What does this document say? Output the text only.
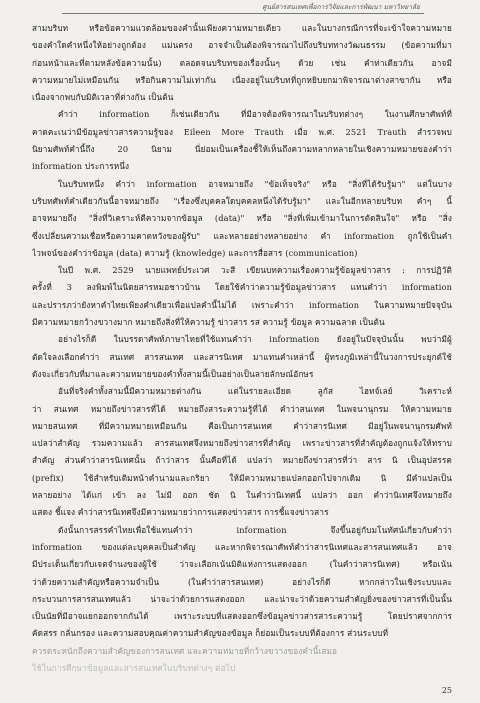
ศูนย์สารสนเทศเพื่อการวิจัยและการพัฒนา มหาวิทยาลัย
สามบริบท หรือข้อความแวดล้อมของคำนั้นเพียงความหมายเดียว และในบางกรณีการที่จะเข้าใจความหมาย
ของคำใดคำหนึ่งให้อย่างถูกต้อง แม่นตรง อาจจำเป็นต้องพิจารณาไปถึงบริบททางวัฒนธรรม (ข้อความที่มา
ก่อนหน้าและที่ตามหลังข้อความนั้น) ตลอดจนบริบทของเรื่องนั้นๆ ด้วย เช่น คำท่าเดียวกัน อาจมี
ความหมายไม่เหมือนกัน หรือกินความไม่เท่ากัน เนื่องอยู่ในบริบทที่ถูกหยิบยกมาพิจารณาต่างสาขากัน หรือ
เนื่องจากพบกับมิติเวลาที่ต่างกัน เป็นต้น
คำว่า information ก็เช่นเดียวกัน ที่มีอาจต้องพิจารณาในบริบทต่างๆ ในงานศึกษาศัพท์ที่
คาดคะเนว่ามีข้อมูลข่าวสารความรู้ของ Eileen More Trauth เมื่อ พ.ศ. 2521 Trauth สำรวจพบ
นิยามศัพท์คำนี้ถึง 20 นิยาม นี่ย่อมเป็นเครื่องชี้ให้เห็นถึงความหลากหลายในเชิงความหมายของคำว่า
information ประการหนึ่ง
ในบริบทหนึ่ง คำว่า information อาจหมายถึง "ข้อเท็จจริง" หรือ "สิ่งที่ได้รับรู้มา" แต่ในบาง
บริบทศัพท์คำเดียวกันนี้อาจหมายถึง "เรื่องซึ่งบุคคลใดบุคคลหนึ่งได้รับรู้มา" และในอีกหลายบริบท คำๆ นี้
อาจหมายถึง "สิ่งที่วิเคราะห์ตีความจากข้อมูล (data)" หรือ "สิ่งที่เพิ่มเข้ามาในการตัดสินใจ" หรือ "สิ่ง
ซึ่งเปลี่ยนความเชื่อหรือความคาดหวังของผู้รับ" และหลายอย่างหลายอย่าง คำ information ถูกใช้เป็นคำ
ไวพจน์ของคำว่าข้อมูล (data) ความรู้ (knowledge) และการสื่อสาร (communication)
ในปี พ.ศ. 2529 นายแพทย์ประเวศ วะสี เขียนบทความเรื่องความรู้ข้อมูลข่าวสาร : การปฏิวัติ
ครั้งที่ 3 ลงพิมพ์ในนิตยสารหมอชาวบ้าน โดยใช้คำว่าความรู้ข้อมูลข่าวสาร แทนคำว่า information
และปรารภว่ายังหาคำไทยเพียงคำเดียวเพื่อแปลคำนี้ไม่ได้ เพราะคำว่า information ในความหมายปัจจุบัน
มีความหมายกว้างขวางมาก หมายถึงสิ่งที่ให้ความรู้ ข่าวสาร รส ความรู้ ข้อมูล ความฉลาด เป็นต้น
อย่างไรก็ดี ในบรรดาศัพท์ภาษาไทยที่ใช้แทนคำว่า information ยังอยู่ในปัจจุบันนั้น พบว่ามีผู้
ตัดใจลงเลือกคำว่า สนเทศ สารสนเทศ และสารนิเทศ มาแทนคำเหล่านี้ ผู้ทรงภูมิเหล่านี้ในวงการประยุกต์ใช้
ดังจะเกี่ยวกับที่มาและความหมายของคำทั้งสามนี้เป็นอย่างเป็นลายลักษณ์อักษร
อันที่จริงคำทั้งสามนี้มีความหมายต่างกัน แต่ในรายละเอียด ลูกัส ไฮทจ์เลย์ วิเคราะห์
ว่า สนเทศ หมายถึงข่าวสารที่ได้ หมายถึงสาระความรู้ที่ได้ คำว่าสนเทศ ในพจนานุกรม ให้ความหมาย
หมายสนเทศ ที่มีความหมายเหมือนกัน คือเป็นการสนเทศ คำว่าสารนิเทศ มีอยู่ในพจนานุกรมศัพท์
แปลว่าสำคัญ รวมความแล้ว สารสนเทศจึงหมายถึงข่าวสารที่สำคัญ เพราะข่าวสารที่สำคัญต้องถูกแจ้งให้ทราบ
สำคัญ ส่วนคำว่าสารนิเทศนั้น ถ้าว่าสาร นั้นคือที่ได้ แปลว่า หมายถึงข่าวสารที่ว่า สาร นิ เป็นอุปสรรค
(prefix) ใช้สำหรับเติมหน้าคำนามและกริยา ให้มีความหมายแปลกออกไปจากเดิม นิ มีคำแปลเป็น
หลายอย่าง ได้แก่ เข้า ลง ไม่มี ออก ชัด นิ ในคำว่านิเทศนี้ แปลว่า ออก คำว่านิเทศจึงหมายถึง
แสดง ชี้แจง คำว่าสารนิเทศจึงมีความหมายว่าการแสดงข่าวสาร การชี้แจงข่าวสาร
ดังนั้นการสรรคำไทยเพื่อใช้แทนคำว่า information จึงขึ้นอยู่กับมโนทัศน์เกี่ยวกับคำว่า
information ของแต่ละบุคคลเป็นสำคัญ และหากพิจารณาศัพท์คำว่าสารนิเทศและสารสนเทศแล้ว อาจ
มีประเด็นเกี่ยวกับเจตจำนงของผู้ใช้ ว่าจะเลือกเน้นมิติแห่งการแสดงออก (ในคำว่าสารนิเทศ) หรือเน้น
ว่าด้วยความสำคัญหรือความจำเป็น (ในคำว่าสารสนเทศ) อย่างไรก็ดี หากกล่าวในเชิงระบบและ
กระบวนการสารสนเทศแล้ว น่าจะว่าด้วยการแสดงออก และน่าจะว่าด้วยความสำคัญยิ่งของข่าวสารที่เป็นนั้น
เป็นนัยที่มีอาจแยกออกจากกันได้ เพราะระบบที่แสดงออกซึ่งข้อมูลข่าวสารสาระความรู้ โดยปราศจากการ
คัดสรร กลั่นกรอง และความสอบคุณค่าความสำคัญของข้อมูล ก็ย่อมเป็นระบบที่ต้องการ ส่วนระบบที่
ควรตระหนักถึงความสำคัญของการสนเทศ และความหมายที่กว้างขวางของคำนี้เสมอ
ใช้ในการศึกษาข้อมูลและสารสนเทศในบริบทต่างๆ ต่อไป
25
